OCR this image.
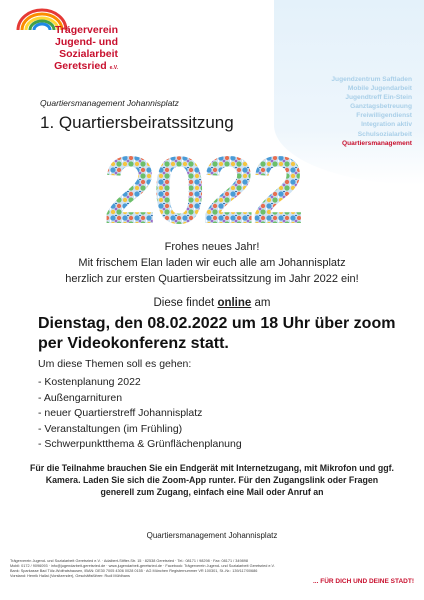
Trägerverein
Jugend- und Sozialarbeit
Geretsried e.V.
Jugendzentrum Saftladen
Mobile Jugendarbeit
Jugendtreff Ein-Stein
Ganztagsbetreuung
Freiwilligendienst
Integration aktiv
Schulsozialarbeit
Quartiersmanagement
Quartiersmanagement Johannisplatz
1. Quartiersbeiratssitzung
2022
Frohes neues Jahr!
Mit frischem Elan laden wir euch alle am Johannisplatz
herzlich zur ersten Quartiersbeiratssitzung im Jahr 2022 ein!
Diese findet online am
Dienstag, den 08.02.2022 um 18 Uhr über zoom per Videokonferenz statt.
Um diese Themen soll es gehen:
- Kostenplanung 2022
- Außengarnituren
- neuer Quartierstreff Johannisplatz
- Veranstaltungen (im Frühling)
- Schwerpunktthema & Grünflächenplanung
Für die Teilnahme brauchen Sie ein Endgerät mit Internetzugang, mit Mikrofon und ggf. Kamera. Laden Sie sich die Zoom-App runter. Für den Zugangslink oder Fragen generell zum Zugang, einfach eine Mail oder Anruf an
Quartiersmanagement Johannisplatz
Trägerverein Jugend- und Sozialarbeit Geretsried e.V. · Adalbert-Stifter-Str. 15 · 82538 Geretsried · Tel.: 08171 / 98298 · Fax: 08171 / 349898
Mobil: 0172 / 9096093 · info@jugendarbeit-geretsried.de · www.jugendarbeit-geretsried.de · Facebook: Trägerverein Jugend- und Sozialarbeit Geretsried e.V.
Bank: Sparkasse Bad Tölz-Wolfratshausen, IBAN: DE30 7005 4306 0028 0155 · AG München Registernummer VR 100301, St.-Nr.: 139/117/00686
Vorstand: Henrik Hallai (Vorsitzender), Geschäftsführer: Rudi Mühlhans
... FÜR DICH UND DEINE STADT!
